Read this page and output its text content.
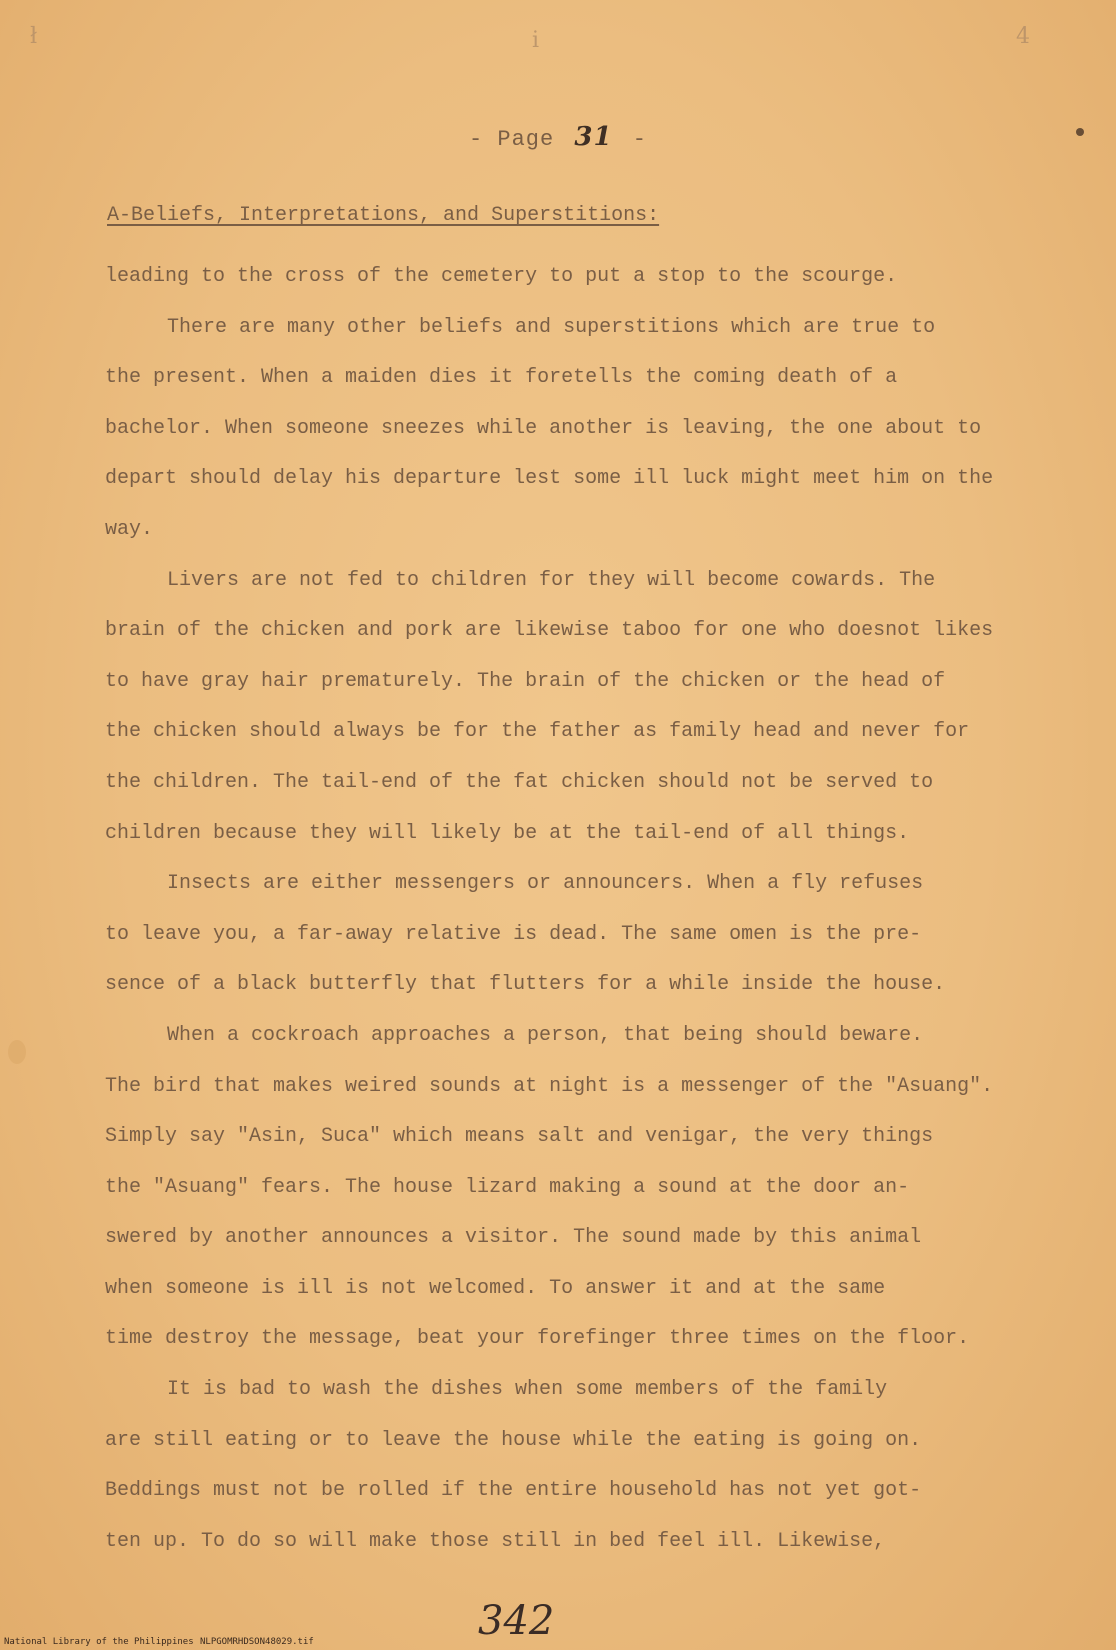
ł	i	4
- Page 31 -
A-Beliefs, Interpretations, and Superstitions:
leading to the cross of the cemetery to put a stop to the scourge.
There are many other beliefs and superstitions which are true to
the present. When a maiden dies it foretells the coming death of a
bachelor. When someone sneezes while another is leaving, the one about to
depart should delay his departure lest some ill luck might meet him on the
way.
Livers are not fed to children for they will become cowards. The
brain of the chicken and pork are likewise taboo for one who doesnot likes
to have gray hair prematurely. The brain of the chicken or the head of
the chicken should always be for the father as family head and never for
the children. The tail-end of the fat chicken should not be served to
children because they will likely be at the tail-end of all things.
Insects are either messengers or announcers. When a fly refuses
to leave you, a far-away relative is dead. The same omen is the pre-
sence of a black butterfly that flutters for a while inside the house.
When a cockroach approaches a person, that being should beware.
The bird that makes weired sounds at night is a messenger of the "Asuang".
Simply say "Asin, Suca" which means salt and venigar, the very things
the "Asuang" fears. The house lizard making a sound at the door an-
swered by another announces a visitor. The sound made by this animal
when someone is ill is not welcomed. To answer it and at the same
time destroy the message, beat your forefinger three times on the floor.
It is bad to wash the dishes when some members of the family
are still eating or to leave the house while the eating is going on.
Beddings must not be rolled if the entire household has not yet got-
ten up. To do so will make those still in bed feel ill. Likewise,
342
National Library of the Philippines NLPGOMRHDSON48029.tif
